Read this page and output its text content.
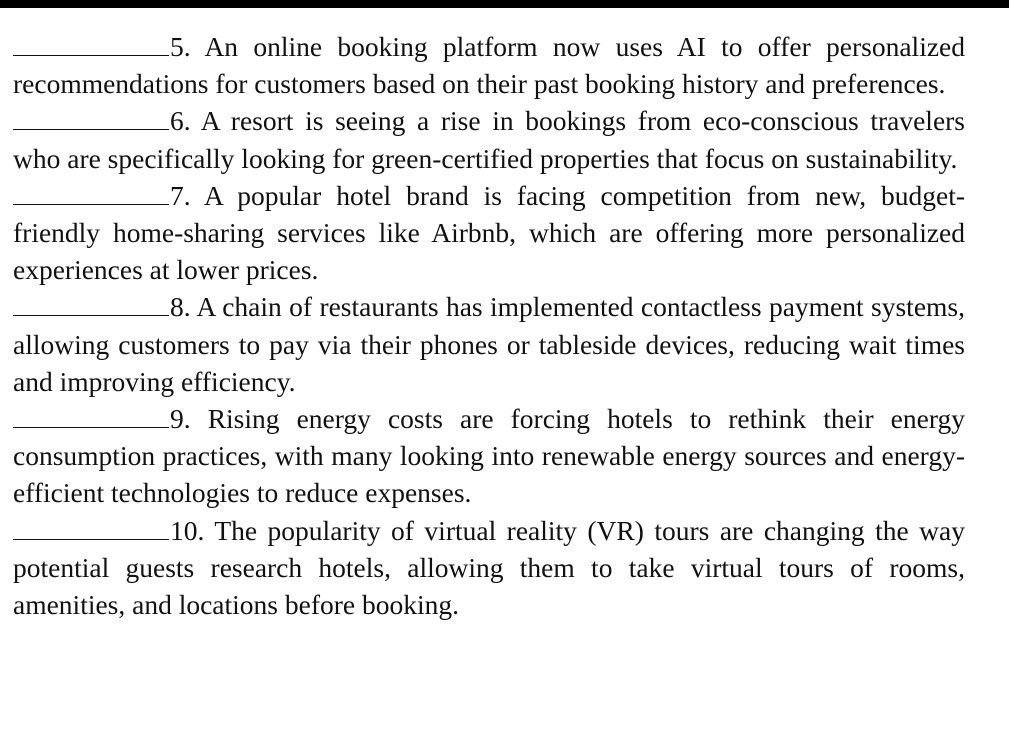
5. An online booking platform now uses AI to offer personalized recommendations for customers based on their past booking history and preferences.

6. A resort is seeing a rise in bookings from eco-conscious travelers who are specifically looking for green-certified properties that focus on sustainability.

7. A popular hotel brand is facing competition from new, budget-friendly home-sharing services like Airbnb, which are offering more personalized experiences at lower prices.

8. A chain of restaurants has implemented contactless payment systems, allowing customers to pay via their phones or tableside devices, reducing wait times and improving efficiency.

9. Rising energy costs are forcing hotels to rethink their energy consumption practices, with many looking into renewable energy sources and energy-efficient technologies to reduce expenses.

10. The popularity of virtual reality (VR) tours are changing the way potential guests research hotels, allowing them to take virtual tours of rooms, amenities, and locations before booking.
